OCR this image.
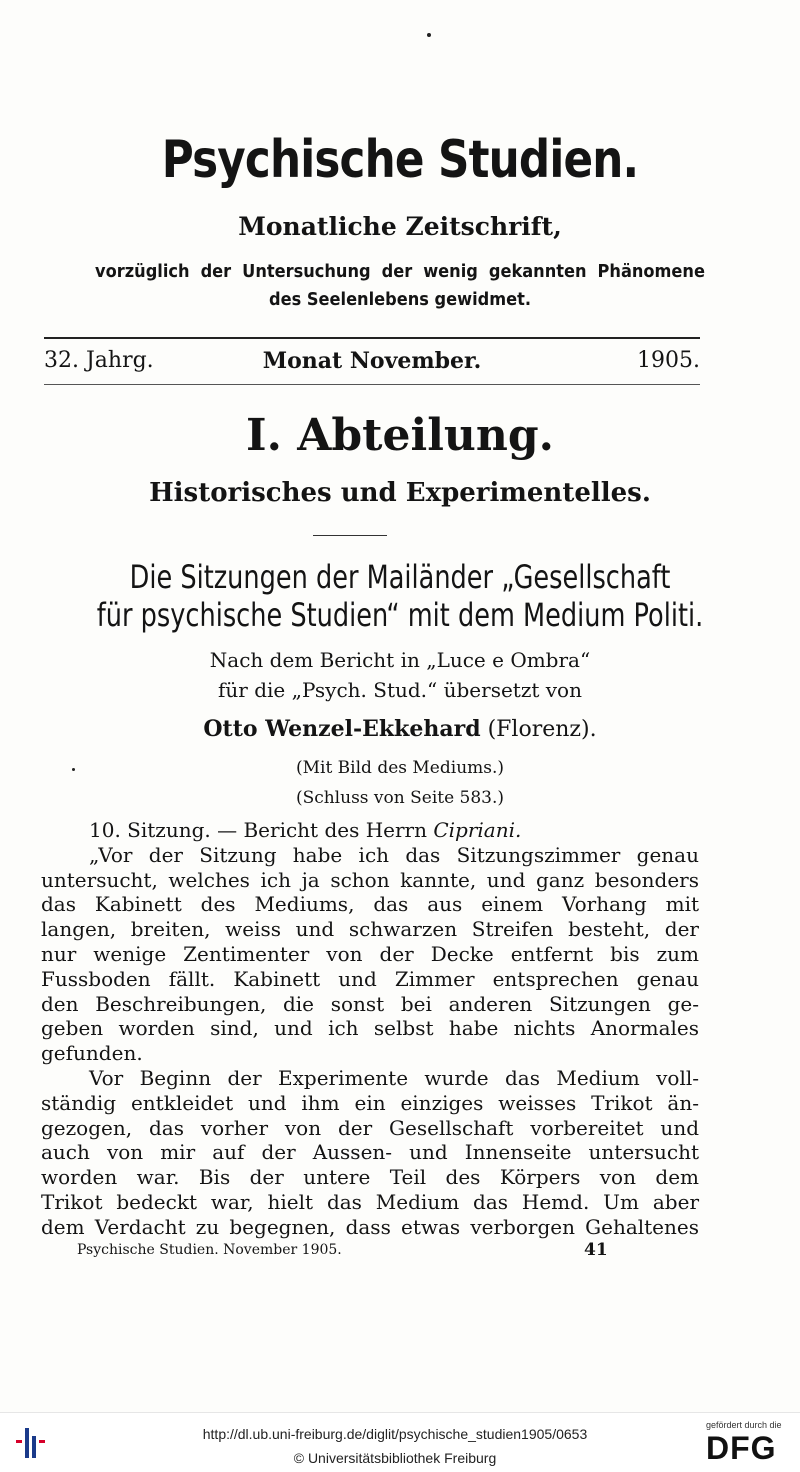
Psychische Studien.
Monatliche Zeitschrift,
vorzüglich der Untersuchung der wenig gekannten Phänomene
des Seelenlebens gewidmet.
32. Jahrg.	Monat November.	1905.
I. Abteilung.
Historisches und Experimentelles.
Die Sitzungen der Mailänder „Gesellschaft
für psychische Studien“ mit dem Medium Politi.
Nach dem Bericht in „Luce e Ombra“
für die „Psych. Stud.“ übersetzt von
Otto Wenzel-Ekkehard (Florenz).
(Mit Bild des Mediums.)
(Schluss von Seite 583.)
10. Sitzung. — Bericht des Herrn Cipriani.
„Vor der Sitzung habe ich das Sitzungszimmer genau
untersucht, welches ich ja schon kannte, und ganz besonders
das Kabinett des Mediums, das aus einem Vorhang mit
langen, breiten, weiss und schwarzen Streifen besteht, der
nur wenige Zentimenter von der Decke entfernt bis zum
Fussboden fällt. Kabinett und Zimmer entsprechen genau
den Beschreibungen, die sonst bei anderen Sitzungen ge-
geben worden sind, und ich selbst habe nichts Anormales
gefunden.
Vor Beginn der Experimente wurde das Medium voll-
ständig entkleidet und ihm ein einziges weisses Trikot än-
gezogen, das vorher von der Gesellschaft vorbereitet und
auch von mir auf der Aussen- und Innenseite untersucht
worden war. Bis der untere Teil des Körpers von dem
Trikot bedeckt war, hielt das Medium das Hemd. Um aber
dem Verdacht zu begegnen, dass etwas verborgen Gehaltenes
Psychische Studien. November 1905.	41
http://dl.ub.uni-freiburg.de/diglit/psychische_studien1905/0653
© Universitätsbibliothek Freiburg
gefördert durch die
DFG
